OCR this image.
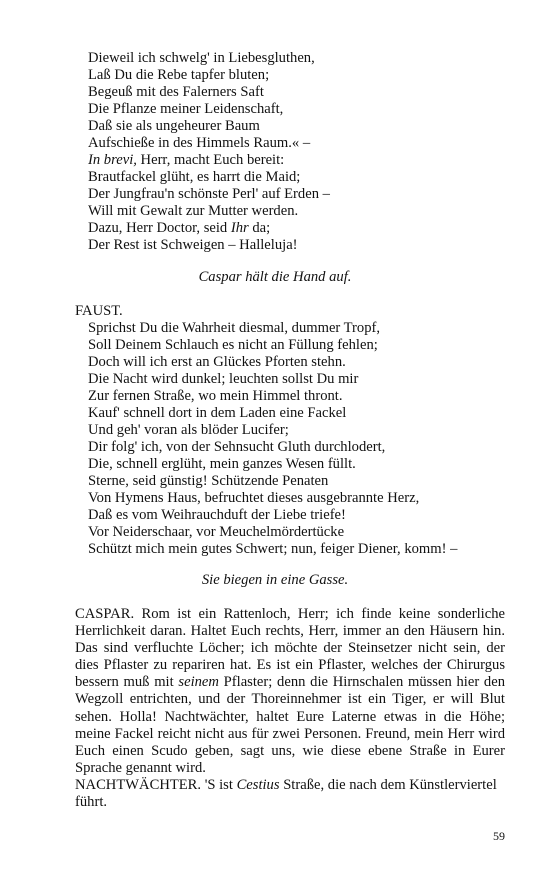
Dieweil ich schwelg' in Liebesgluthen,
Laß Du die Rebe tapfer bluten;
Begeuß mit des Falerners Saft
Die Pflanze meiner Leidenschaft,
Daß sie als ungeheurer Baum
Aufschieße in des Himmels Raum.« –
In brevi, Herr, macht Euch bereit:
Brautfackel glüht, es harrt die Maid;
Der Jungfrau'n schönste Perl' auf Erden –
Will mit Gewalt zur Mutter werden.
Dazu, Herr Doctor, seid Ihr da;
Der Rest ist Schweigen – Halleluja!
Caspar hält die Hand auf.
FAUST.
Sprichst Du die Wahrheit diesmal, dummer Tropf,
Soll Deinem Schlauch es nicht an Füllung fehlen;
Doch will ich erst an Glückes Pforten stehn.
Die Nacht wird dunkel; leuchten sollst Du mir
Zur fernen Straße, wo mein Himmel thront.
Kauf' schnell dort in dem Laden eine Fackel
Und geh' voran als blöder Lucifer;
Dir folg' ich, von der Sehnsucht Gluth durchlodert,
Die, schnell erglüht, mein ganzes Wesen füllt.
Sterne, seid günstig! Schützende Penaten
Von Hymens Haus, befruchtet dieses ausgebrannte Herz,
Daß es vom Weihrauchduft der Liebe triefe!
Vor Neiderschaar, vor Meuchelmördertücke
Schützt mich mein gutes Schwert; nun, feiger Diener, komm! –
Sie biegen in eine Gasse.

CASPAR. Rom ist ein Rattenloch, Herr; ich finde keine sonderliche Herrlichkeit daran. Haltet Euch rechts, Herr, immer an den Häusern hin. Das sind verfluchte Löcher; ich möchte der Steinsetzer nicht sein, der dies Pflaster zu repariren hat. Es ist ein Pflaster, welches der Chirurgus bessern muß mit seinem Pflaster; denn die Hirnschalen müssen hier den Wegzoll entrichten, und der Thoreinnehmer ist ein Tiger, er will Blut sehen. Holla! Nachtwächter, haltet Eure Laterne etwas in die Höhe; meine Fackel reicht nicht aus für zwei Personen. Freund, mein Herr wird Euch einen Scudo geben, sagt uns, wie diese ebene Straße in Eurer Sprache genannt wird.

NACHTWÄCHTER. 'S ist Cestius Straße, die nach dem Künstlerviertel führt.

59
